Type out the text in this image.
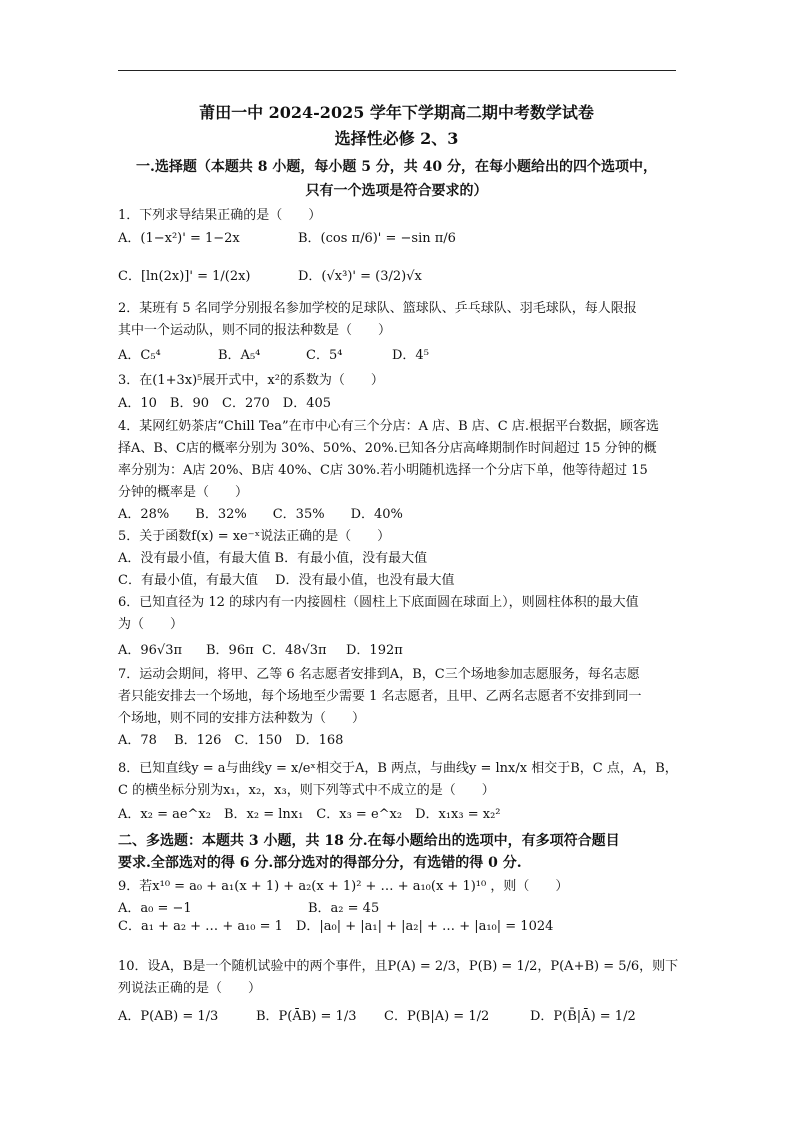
莆田一中 2024-2025 学年下学期高二期中考数学试卷
选择性必修 2、3
一.选择题（本题共 8 小题，每小题 5 分，共 40 分，在每小题给出的四个选项中，
只有一个选项是符合要求的）
1．下列求导结果正确的是（　　）
A．(1−x²)' = 1−2x	B．(cos π/6)' = −sin π/6
C．[ln(2x)]' = 1/(2x)	D．(√x³)' = (3/2)√x
2．某班有 5 名同学分别报名参加学校的足球队、篮球队、乒乓球队、羽毛球队，每人限报
其中一个运动队，则不同的报法种数是（　　）
A．C₅⁴	B．A₅⁴	C．5⁴	D．4⁵
3．在(1+3x)⁵展开式中，x²的系数为（　　）
A．10　B．90　C．270　D．405
4．某网红奶茶店“Chill Tea”在市中心有三个分店：A 店、B 店、C 店.根据平台数据，顾客选
择A、B、C店的概率分别为 30%、50%、20%.已知各分店高峰期制作时间超过 15 分钟的概
率分别为：A店 20%、B店 40%、C店 30%.若小明随机选择一个分店下单，他等待超过 15
分钟的概率是（　　）
A．28%　　B．32%　　C．35%　　D．40%
5．关于函数f(x) = xe⁻ˣ说法正确的是（　　）
A．没有最小值，有最大值 B．有最小值，没有最大值
C．有最小值，有最大值　 D．没有最小值，也没有最大值
6．已知直径为 12 的球内有一内接圆柱（圆柱上下底面圆在球面上），则圆柱体积的最大值
为（　　）
A．96√3π B．96π C．48√3π D．192π
7．运动会期间，将甲、乙等 6 名志愿者安排到A，B，C三个场地参加志愿服务，每名志愿
者只能安排去一个场地，每个场地至少需要 1 名志愿者，且甲、乙两名志愿者不安排到同一
个场地，则不同的安排方法种数为（　　）
A．78　 B．126　C．150　D．168
8．已知直线y = a与曲线y = x/eˣ相交于A，B 两点，与曲线y = lnx/x 相交于B，C 点，A，B，
C 的横坐标分别为x₁，x₂，x₃，则下列等式中不成立的是（　　）
A．x₂ = ae^x₂　B．x₂ = lnx₁　C．x₃ = e^x₂　D．x₁x₃ = x₂²
二、多选题：本题共 3 小题，共 18 分.在每小题给出的选项中，有多项符合题目
要求.全部选对的得 6 分.部分选对的得部分分，有选错的得 0 分.
9．若x¹⁰ = a₀ + a₁(x + 1) + a₂(x + 1)² + … + a₁₀(x + 1)¹⁰ ，则（　　）
A．a₀ = −1	B．a₂ = 45
C．a₁ + a₂ + … + a₁₀ = 1 D．|a₀| + |a₁| + |a₂| + … + |a₁₀| = 1024
10．设A，B是一个随机试验中的两个事件，且P(A) = 2/3，P(B) = 1/2，P(A+B) = 5/6，则下
列说法正确的是（　　）
A．P(AB) = 1/3	B．P(ĀB) = 1/3 C．P(B|A) = 1/2	D．P(B̄|Ā) = 1/2
